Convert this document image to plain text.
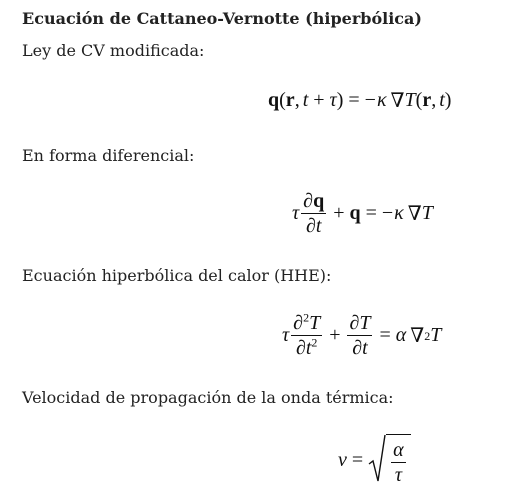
Ecuación de Cattaneo-Vernotte (hiperbólica)
Ley de CV modificada:
q ( r , t + τ ) = − κ ∇ T ( r , t )
En forma diferencial:
τ $\frac{\partial q}{\partial t} + q$ = − κ ∇ T
Ecuación hiperbólica del calor (HHE):
τ $\frac{\partial^2T}{\partial t^2} + \frac{\partial T}{\partial t} = \alpha$ ∇ 2 T
Velocidad de propagación de la onda térmica:
$v = \frac{\alpha}{\tau}$
